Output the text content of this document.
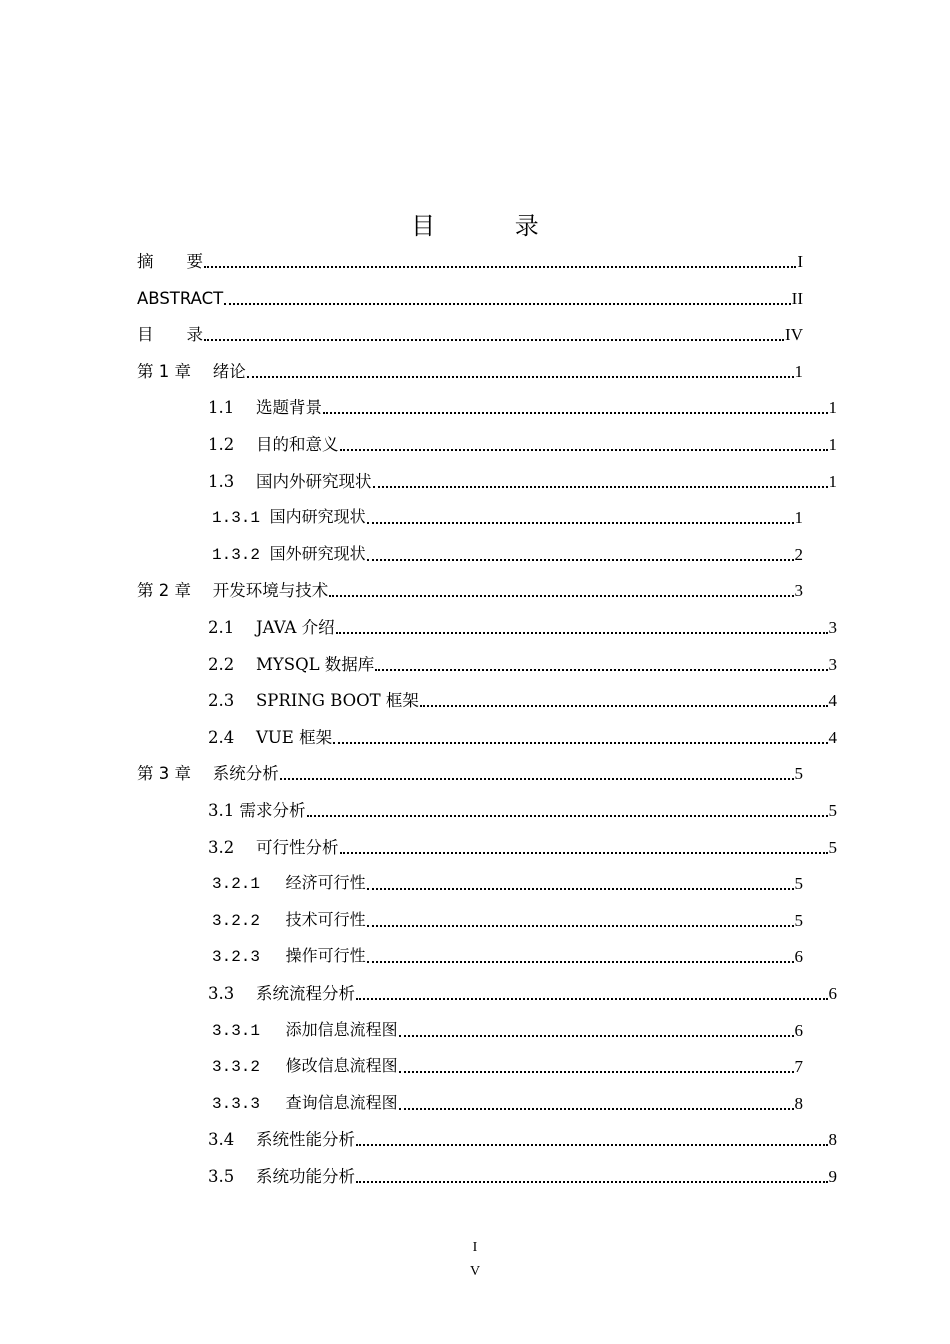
目 录
摘　　要	I
ABSTRACT	II
目　　录	IV
第 1 章　 绪论	1
1.1　 选题背景	1
1.2　 目的和意义	1
1.3　 国内外研究现状	1
1.3.1 国内研究现状	1
1.3.2 国外研究现状	2
第 2 章　 开发环境与技术	3
2.1　 JAVA 介绍	3
2.2　 MYSQL 数据库	3
2.3　 SPRING BOOT 框架	4
2.4　 VUE 框架	4
第 3 章　 系统分析	5
3.1 需求分析	5
3.2　 可行性分析	5
3.2.1　 经济可行性	5
3.2.2　 技术可行性	5
3.2.3　 操作可行性	6
3.3　 系统流程分析	6
3.3.1　 添加信息流程图	6
3.3.2　 修改信息流程图	7
3.3.3　 查询信息流程图	8
3.4　 系统性能分析	8
3.5　 系统功能分析	9
I
V
